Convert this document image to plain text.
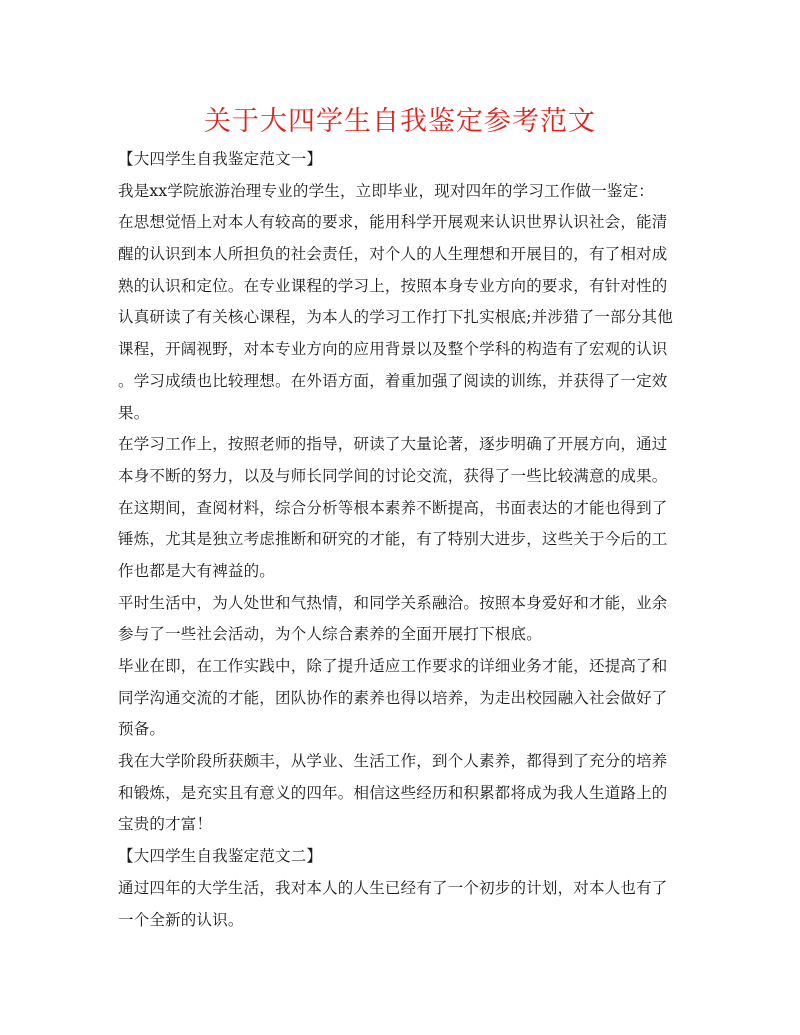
关于大四学生自我鉴定参考范文
【大四学生自我鉴定范文一】
我是xx学院旅游治理专业的学生，立即毕业，现对四年的学习工作做一鉴定：
在思想觉悟上对本人有较高的要求，能用科学开展观来认识世界认识社会，能清
醒的认识到本人所担负的社会责任，对个人的人生理想和开展目的，有了相对成
熟的认识和定位。在专业课程的学习上，按照本身专业方向的要求，有针对性的
认真研读了有关核心课程，为本人的学习工作打下扎实根底;并涉猎了一部分其他
课程，开阔视野，对本专业方向的应用背景以及整个学科的构造有了宏观的认识
。学习成绩也比较理想。在外语方面，着重加强了阅读的训练，并获得了一定效
果。
在学习工作上，按照老师的指导，研读了大量论著，逐步明确了开展方向，通过
本身不断的努力，以及与师长同学间的讨论交流，获得了一些比较满意的成果。
在这期间，查阅材料，综合分析等根本素养不断提高，书面表达的才能也得到了
锤炼，尤其是独立考虑推断和研究的才能，有了特别大进步，这些关于今后的工
作也都是大有裨益的。
平时生活中，为人处世和气热情，和同学关系融洽。按照本身爱好和才能，业余
参与了一些社会活动，为个人综合素养的全面开展打下根底。
毕业在即，在工作实践中，除了提升适应工作要求的详细业务才能，还提高了和
同学沟通交流的才能，团队协作的素养也得以培养，为走出校园融入社会做好了
预备。
我在大学阶段所获颇丰，从学业、生活工作，到个人素养，都得到了充分的培养
和锻炼，是充实且有意义的四年。相信这些经历和积累都将成为我人生道路上的
宝贵的才富！
【大四学生自我鉴定范文二】
通过四年的大学生活，我对本人的人生已经有了一个初步的计划，对本人也有了
一个全新的认识。
